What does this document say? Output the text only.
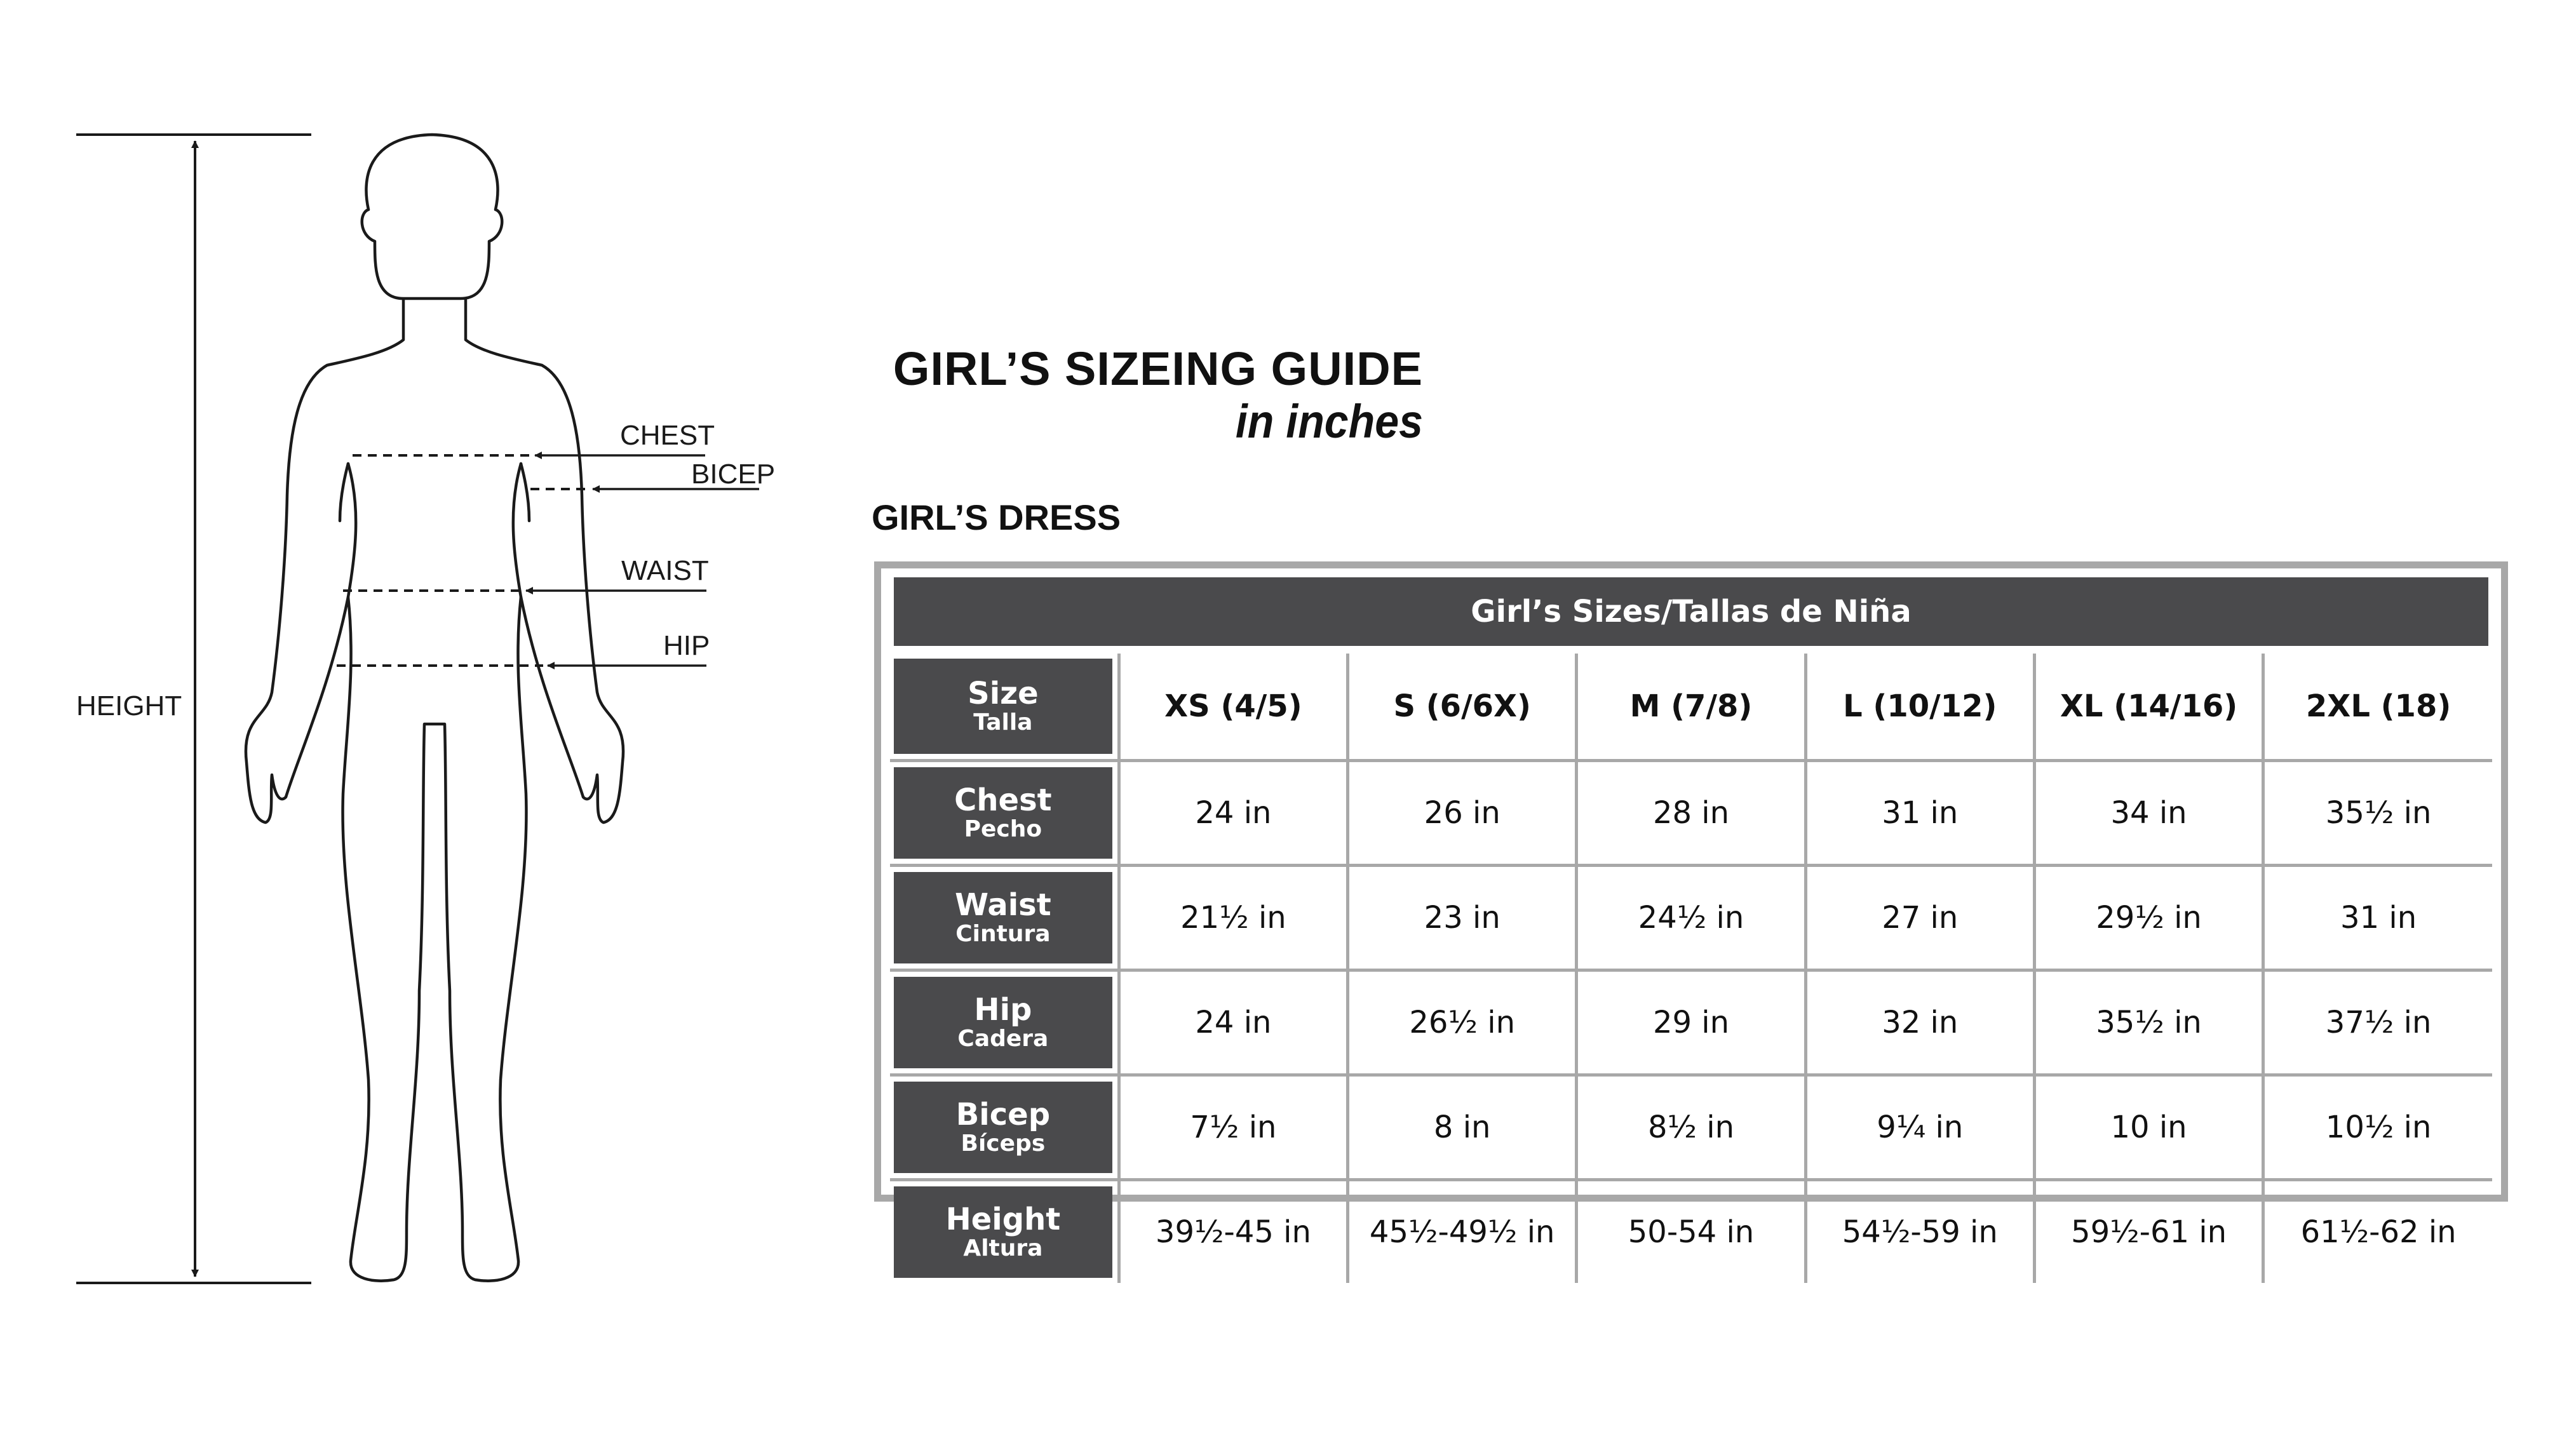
HEIGHT
CHEST
BICEP
WAIST
HIP
GIRL’S SIZEING GUIDE
in inches
GIRL’S DRESS
Girl’s Sizes/Tallas de Niña						

Size
Talla	XS (4/5)	S (6/6X)	M (7/8)	L (10/12)	XL (14/16)	2XL (18)

Chest
Pecho	24 in	26 in	28 in	31 in	34 in	35½ in

Waist
Cintura	21½ in	23 in	24½ in	27 in	29½ in	31 in

Hip
Cadera	24 in	26½ in	29 in	32 in	35½ in	37½ in

Bicep
Bíceps	7½ in	8 in	8½ in	9¼ in	10 in	10½ in

Height
Altura	39½-45 in	45½-49½ in	50-54 in	54½-59 in	59½-61 in	61½-62 in
